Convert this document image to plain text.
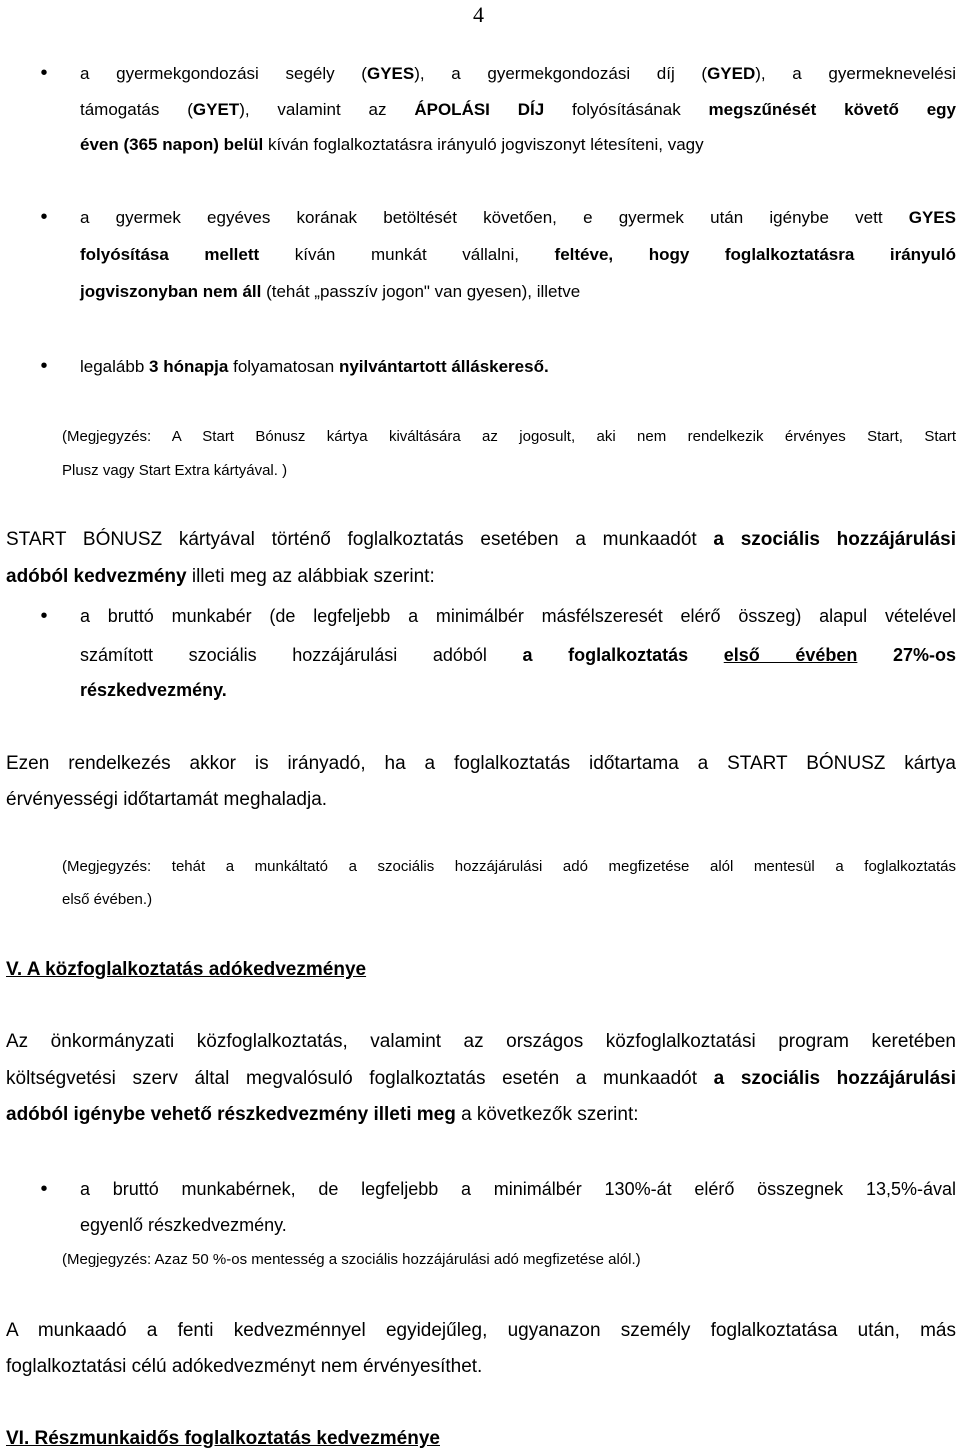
4
•	a gyermekgondozási segély (GYES), a gyermekgondozási díj (GYED), a gyermeknevelési
támogatás (GYET), valamint az ÁPOLÁSI DÍJ folyósításának megszűnését követő egy
éven (365 napon) belül kíván foglalkoztatásra irányuló jogviszonyt létesíteni, vagy
•	a gyermek egyéves korának betöltését követően, e gyermek után igénybe vett GYES
folyósítása mellett kíván munkát vállalni, feltéve, hogy foglalkoztatásra irányuló
jogviszonyban nem áll (tehát „passzív jogon" van gyesen), illetve
•	legalább 3 hónapja folyamatosan nyilvántartott álláskereső.
(Megjegyzés: A Start Bónusz kártya kiváltására az jogosult, aki nem rendelkezik érvényes Start, Start
Plusz vagy Start Extra kártyával. )
START BÓNUSZ kártyával történő foglalkoztatás esetében a munkaadót a szociális hozzájárulási
adóból kedvezmény illeti meg az alábbiak szerint:
•	a bruttó munkabér (de legfeljebb a minimálbér másfélszeresét elérő összeg) alapul vételével
számított szociális hozzájárulási adóból a foglalkoztatás első évében 27%-os
részkedvezmény.
Ezen rendelkezés akkor is irányadó, ha a foglalkoztatás időtartama a START BÓNUSZ kártya
érvényességi időtartamát meghaladja.
(Megjegyzés: tehát a munkáltató a szociális hozzájárulási adó megfizetése alól mentesül a foglalkoztatás
első évében.)
V. A közfoglalkoztatás adókedvezménye
Az önkormányzati közfoglalkoztatás, valamint az országos közfoglalkoztatási program keretében
költségvetési szerv által megvalósuló foglalkoztatás esetén a munkaadót a szociális hozzájárulási
adóból igénybe vehető részkedvezmény illeti meg a következők szerint:
•	a bruttó munkabérnek, de legfeljebb a minimálbér 130%-át elérő összegnek 13,5%-ával
egyenlő részkedvezmény.
(Megjegyzés: Azaz 50 %-os mentesség a szociális hozzájárulási adó megfizetése alól.)
A munkaadó a fenti kedvezménnyel egyidejűleg, ugyanazon személy foglalkoztatása után, más
foglalkoztatási célú adókedvezményt nem érvényesíthet.
VI. Részmunkaidős foglalkoztatás kedvezménye
